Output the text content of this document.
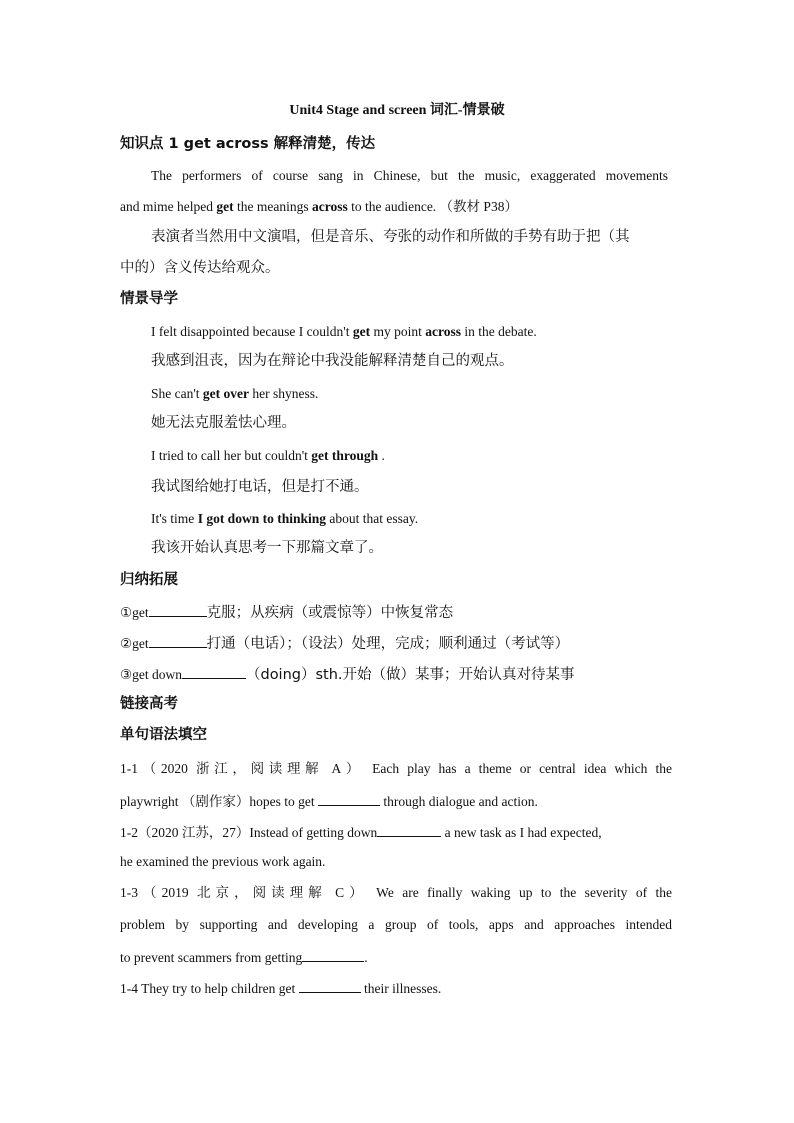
Unit4 Stage and screen 词汇-情景破
知识点 1 get across 解释清楚，传达
The performers of course sang in Chinese, but the music, exaggerated movements
and mime helped get the meanings across to the audience. （教材 P38）
表演者当然用中文演唱，但是音乐、夸张的动作和所做的手势有助于把（其
中的）含义传达给观众。
情景导学
I felt disappointed because I couldn't get my point across in the debate.
我感到沮丧，因为在辩论中我没能解释清楚自己的观点。
She can't get over her shyness.
她无法克服羞怯心理。
I tried to call her but couldn't get through .
我试图给她打电话，但是打不通。
It's time I got down to thinking about that essay.
我该开始认真思考一下那篇文章了。
归纳拓展
①get	克服；从疾病（或震惊等）中恢复常态
②get	打通（电话）；（设法）处理，完成；顺利通过（考试等）
③get down	（doing）sth.开始（做）某事；开始认真对待某事
链接高考
单句语法填空
1-1（2020 浙江，阅读理解 A） Each play has a theme or central idea which the
playwright （剧作家）hopes to get	through dialogue and action.
1-2（2020 江苏，27）Instead of getting down	a new task as I had expected,
he examined the previous work again.
1-3（2019 北京，阅读理解 C） We are finally waking up to the severity of the
problem by supporting and developing a group of tools, apps and approaches intended
to prevent scammers from getting	.
1-4 They try to help children get	their illnesses.
